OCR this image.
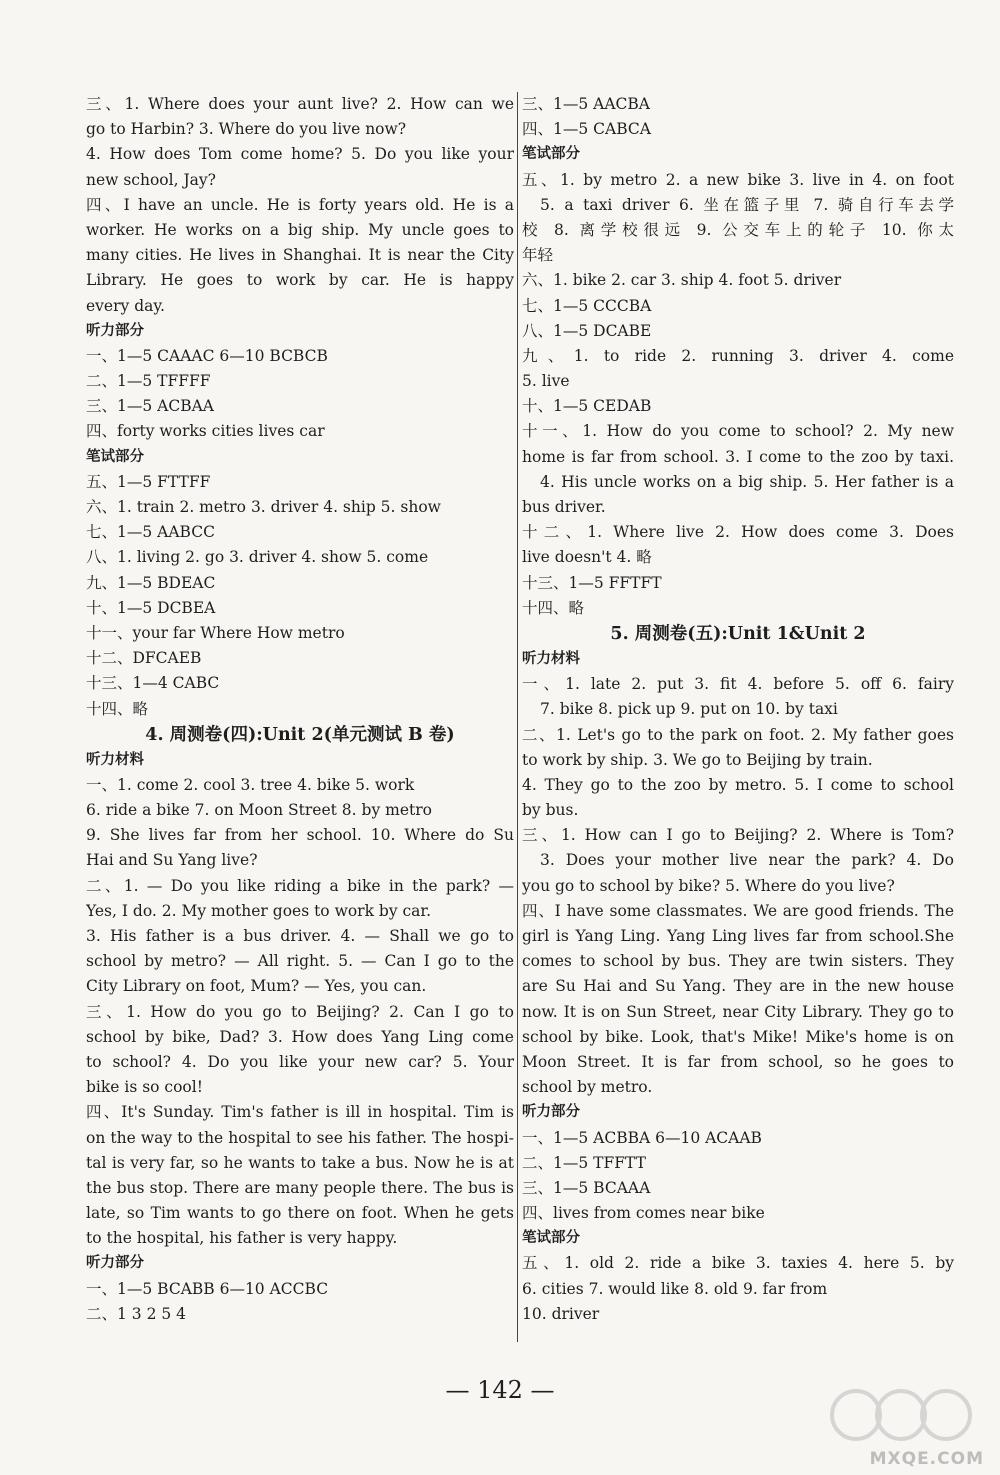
三、1. Where does your aunt live? 2. How can we
go to Harbin? 3. Where do you live now?
4. How does Tom come home? 5. Do you like your
new school, Jay?
四、I have an uncle. He is forty years old. He is a
worker. He works on a big ship. My uncle goes to
many cities. He lives in Shanghai. It is near the City
Library. He goes to work by car. He is happy
every day.
听力部分
一、1—5 CAAAC 6—10 BCBCB
二、1—5 TFFFF
三、1—5 ACBAA
四、forty works cities lives car
笔试部分
五、1—5 FTTFF
六、1. train 2. metro 3. driver 4. ship 5. show
七、1—5 AABCC
八、1. living 2. go 3. driver 4. show 5. come
九、1—5 BDEAC
十、1—5 DCBEA
十一、your far Where How metro
十二、DFCAEB
十三、1—4 CABC
十四、略
4. 周测卷(四):Unit 2(单元测试 B 卷)
听力材料
一、1. come 2. cool 3. tree 4. bike 5. work
6. ride a bike 7. on Moon Street 8. by metro
9. She lives far from her school. 10. Where do Su
Hai and Su Yang live?
二、1. — Do you like riding a bike in the park? —
Yes, I do. 2. My mother goes to work by car.
3. His father is a bus driver. 4. — Shall we go to
school by metro? — All right. 5. — Can I go to the
City Library on foot, Mum? — Yes, you can.
三、1. How do you go to Beijing? 2. Can I go to
school by bike, Dad? 3. How does Yang Ling come
to school? 4. Do you like your new car? 5. Your
bike is so cool!
四、It's Sunday. Tim's father is ill in hospital. Tim is
on the way to the hospital to see his father. The hospi-
tal is very far, so he wants to take a bus. Now he is at
the bus stop. There are many people there. The bus is
late, so Tim wants to go there on foot. When he gets
to the hospital, his father is very happy.
听力部分
一、1—5 BCABB 6—10 ACCBC
二、1 3 2 5 4
三、1—5 AACBA
四、1—5 CABCA
笔试部分
五、1. by metro 2. a new bike 3. live in 4. on foot
5. a taxi driver 6. 坐在篮子里 7. 骑自行车去学
校 8. 离学校很远 9. 公交车上的轮子 10. 你太
年轻
六、1. bike 2. car 3. ship 4. foot 5. driver
七、1—5 CCCBA
八、1—5 DCABE
九、1. to ride 2. running 3. driver 4. come
5. live
十、1—5 CEDAB
十一、1. How do you come to school? 2. My new
home is far from school. 3. I come to the zoo by taxi.
4. His uncle works on a big ship. 5. Her father is a
bus driver.
十二、1. Where live 2. How does come 3. Does
live doesn't 4. 略
十三、1—5 FFTFT
十四、略
5. 周测卷(五):Unit 1&Unit 2
听力材料
一、1. late 2. put 3. fit 4. before 5. off 6. fairy
7. bike 8. pick up 9. put on 10. by taxi
二、1. Let's go to the park on foot. 2. My father goes
to work by ship. 3. We go to Beijing by train.
4. They go to the zoo by metro. 5. I come to school
by bus.
三、1. How can I go to Beijing? 2. Where is Tom?
3. Does your mother live near the park? 4. Do
you go to school by bike? 5. Where do you live?
四、I have some classmates. We are good friends. The
girl is Yang Ling. Yang Ling lives far from school.She
comes to school by bus. They are twin sisters. They
are Su Hai and Su Yang. They are in the new house
now. It is on Sun Street, near City Library. They go to
school by bike. Look, that's Mike! Mike's home is on
Moon Street. It is far from school, so he goes to
school by metro.
听力部分
一、1—5 ACBBA 6—10 ACAAB
二、1—5 TFFTT
三、1—5 BCAAA
四、lives from comes near bike
笔试部分
五、1. old 2. ride a bike 3. taxies 4. here 5. by
6. cities 7. would like 8. old 9. far from
10. driver
— 142 —
MXQE.COM
